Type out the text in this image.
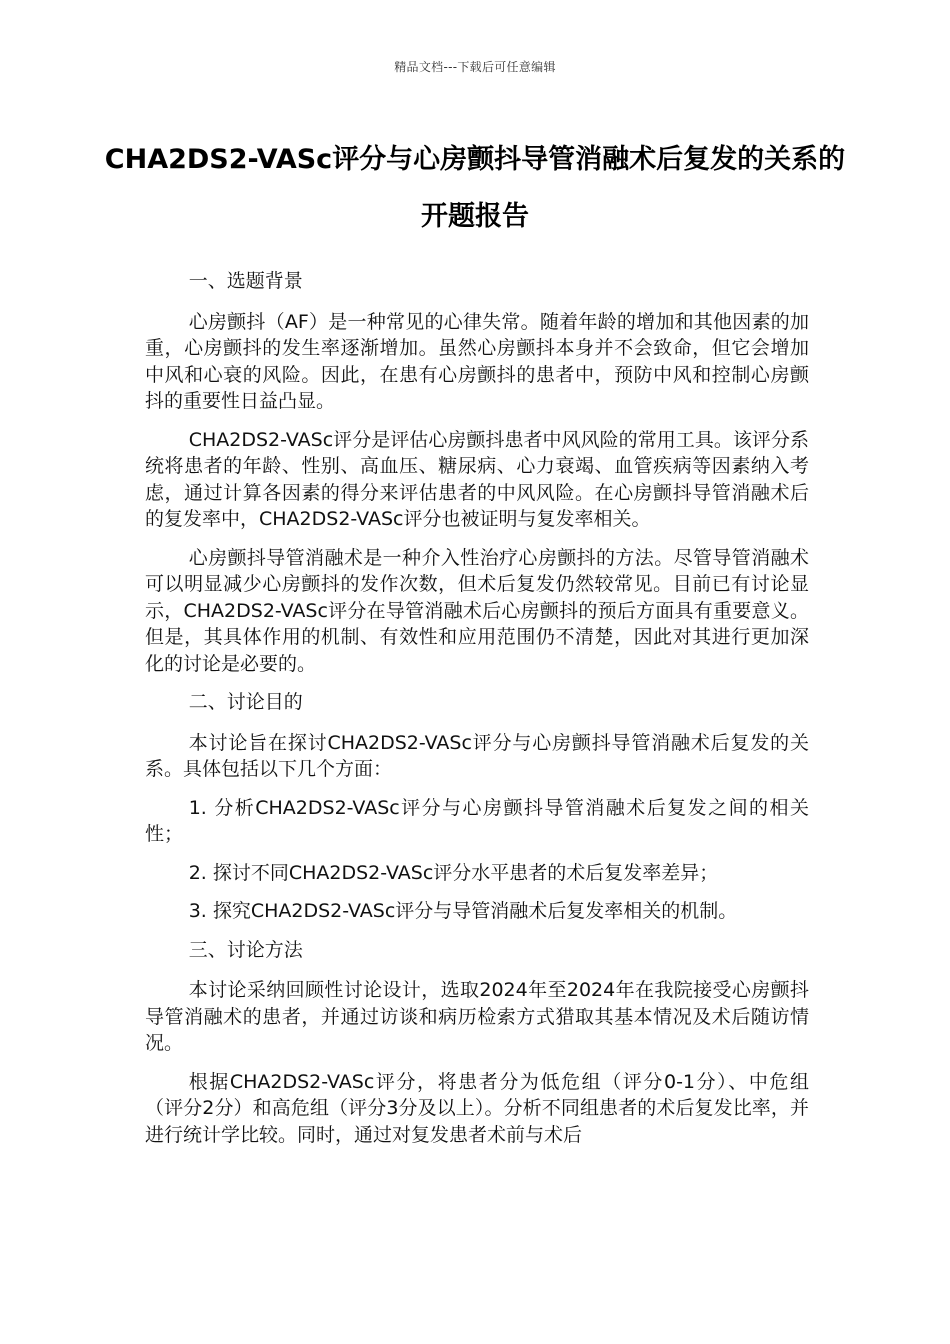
精品文档---下载后可任意编辑
CHA2DS2-VASc评分与心房颤抖导管消融术后复发的关系的开题报告

一、选题背景

心房颤抖（AF）是一种常见的心律失常。随着年龄的增加和其他因素的加重，心房颤抖的发生率逐渐增加。虽然心房颤抖本身并不会致命，但它会增加中风和心衰的风险。因此，在患有心房颤抖的患者中，预防中风和控制心房颤抖的重要性日益凸显。

CHA2DS2-VASc评分是评估心房颤抖患者中风风险的常用工具。该评分系统将患者的年龄、性别、高血压、糖尿病、心力衰竭、血管疾病等因素纳入考虑，通过计算各因素的得分来评估患者的中风风险。在心房颤抖导管消融术后的复发率中，CHA2DS2-VASc评分也被证明与复发率相关。

心房颤抖导管消融术是一种介入性治疗心房颤抖的方法。尽管导管消融术可以明显减少心房颤抖的发作次数，但术后复发仍然较常见。目前已有讨论显示，CHA2DS2-VASc评分在导管消融术后心房颤抖的预后方面具有重要意义。但是，其具体作用的机制、有效性和应用范围仍不清楚，因此对其进行更加深化的讨论是必要的。

二、讨论目的

本讨论旨在探讨CHA2DS2-VASc评分与心房颤抖导管消融术后复发的关系。具体包括以下几个方面：

1. 分析CHA2DS2-VASc评分与心房颤抖导管消融术后复发之间的相关性；

2. 探讨不同CHA2DS2-VASc评分水平患者的术后复发率差异；

3. 探究CHA2DS2-VASc评分与导管消融术后复发率相关的机制。

三、讨论方法

本讨论采纳回顾性讨论设计，选取2024年至2024年在我院接受心房颤抖导管消融术的患者，并通过访谈和病历检索方式猎取其基本情况及术后随访情况。

根据CHA2DS2-VASc评分，将患者分为低危组（评分0-1分）、中危组（评分2分）和高危组（评分3分及以上）。分析不同组患者的术后复发比率，并进行统计学比较。同时，通过对复发患者术前与术后
